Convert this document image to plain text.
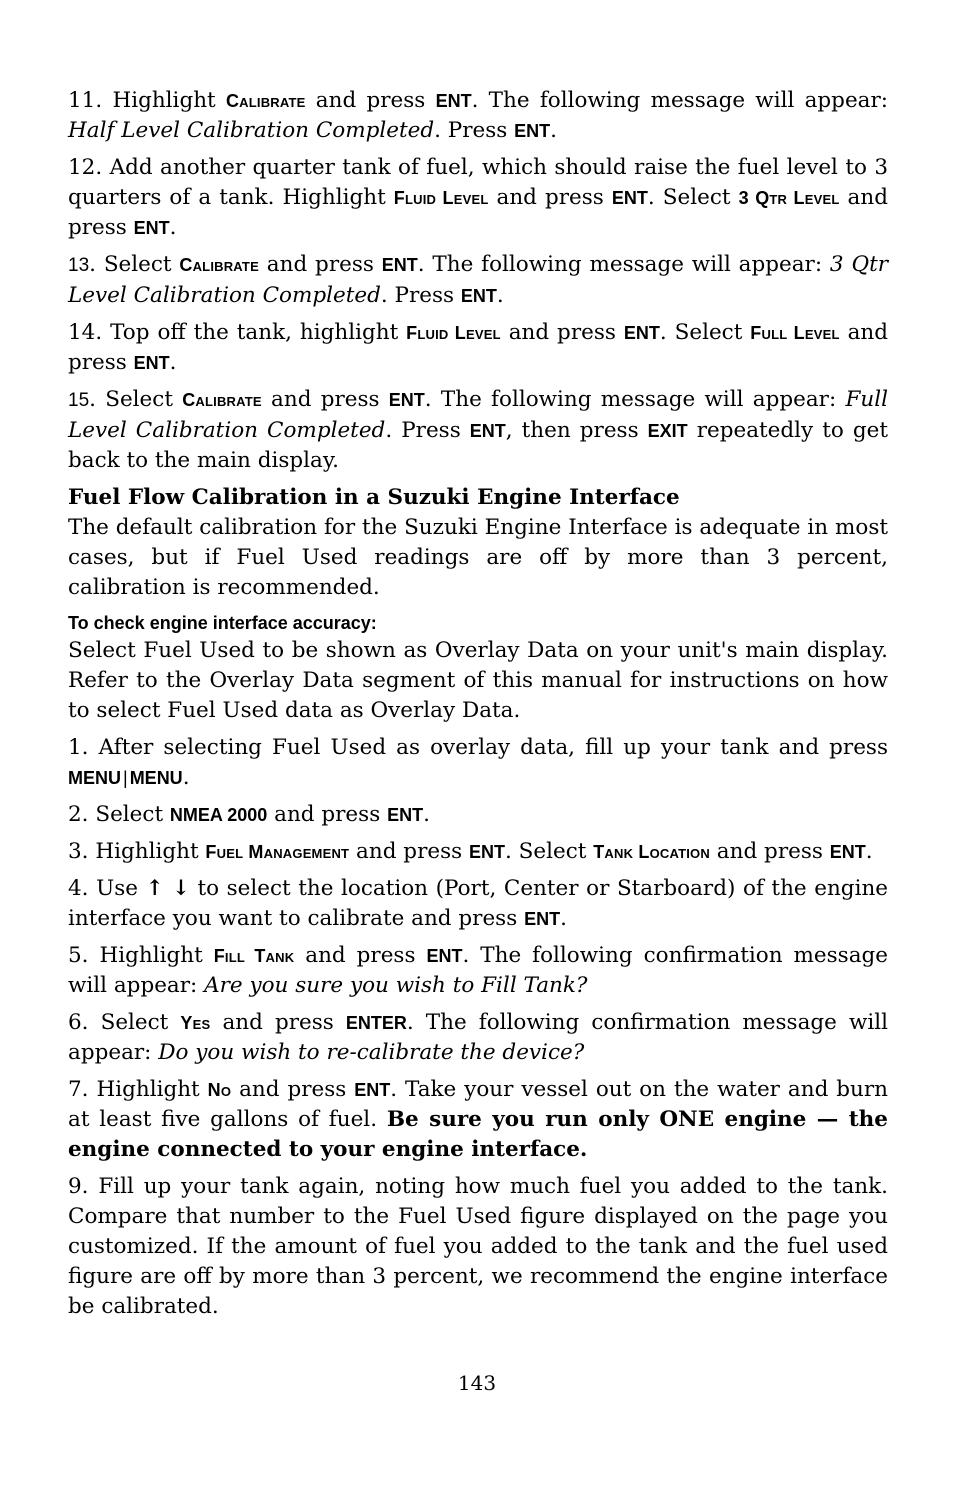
11. Highlight Calibrate and press ENT. The following message will appear: Half Level Calibration Completed. Press ENT.

12. Add another quarter tank of fuel, which should raise the fuel level to 3 quarters of a tank. Highlight Fluid Level and press ENT. Select 3 Qtr Level and press ENT.

13. Select Calibrate and press ENT. The following message will appear: 3 Qtr Level Calibration Completed. Press ENT.

14. Top off the tank, highlight Fluid Level and press ENT. Select Full Level and press ENT.

15. Select Calibrate and press ENT. The following message will appear: Full Level Calibration Completed. Press ENT, then press EXIT repeatedly to get back to the main display.

Fuel Flow Calibration in a Suzuki Engine Interface

The default calibration for the Suzuki Engine Interface is adequate in most cases, but if Fuel Used readings are off by more than 3 percent, calibration is recommended.

To check engine interface accuracy:

Select Fuel Used to be shown as Overlay Data on your unit's main display. Refer to the Overlay Data segment of this manual for instructions on how to select Fuel Used data as Overlay Data.

1. After selecting Fuel Used as overlay data, fill up your tank and press MENU | MENU.

2. Select NMEA 2000 and press ENT.

3. Highlight Fuel Management and press ENT. Select Tank Location and press ENT.

4. Use ↑ ↓ to select the location (Port, Center or Starboard) of the engine interface you want to calibrate and press ENT.

5. Highlight Fill Tank and press ENT. The following confirmation message will appear: Are you sure you wish to Fill Tank?

6. Select Yes and press ENTER. The following confirmation message will appear: Do you wish to re-calibrate the device?

7. Highlight No and press ENT. Take your vessel out on the water and burn at least five gallons of fuel. Be sure you run only ONE engine — the engine connected to your engine interface.

9. Fill up your tank again, noting how much fuel you added to the tank. Compare that number to the Fuel Used figure displayed on the page you customized. If the amount of fuel you added to the tank and the fuel used figure are off by more than 3 percent, we recommend the engine interface be calibrated.

143
